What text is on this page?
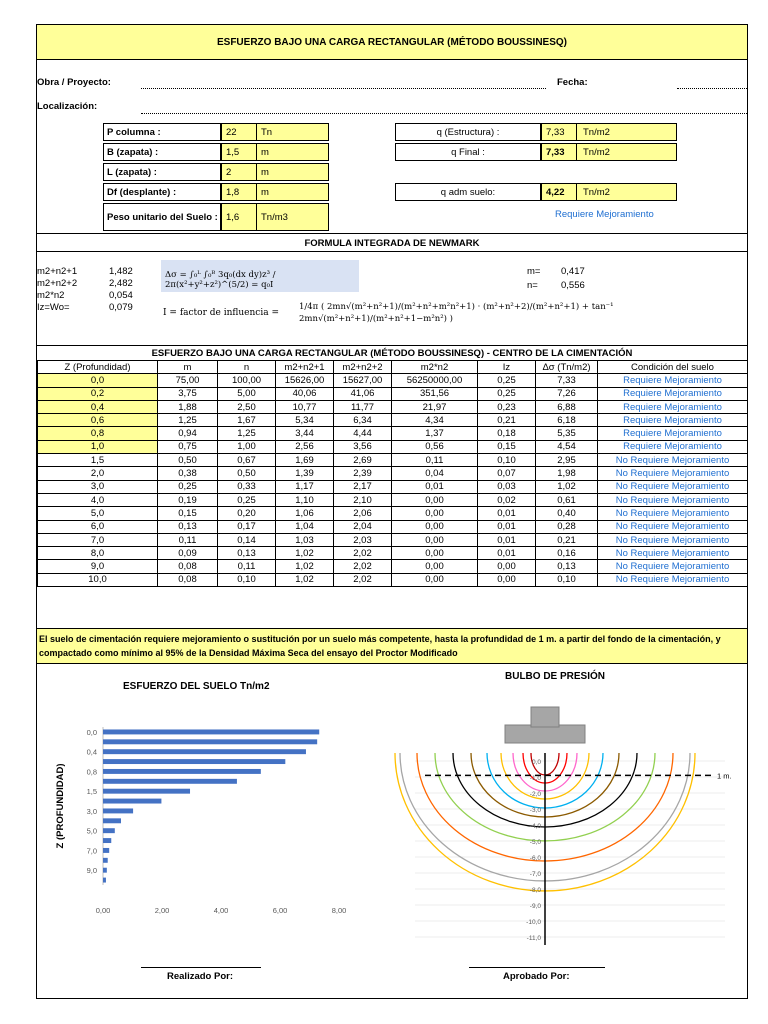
ESFUERZO BAJO UNA CARGA RECTANGULAR (MÉTODO BOUSSINESQ)
Obra / Proyecto:	Fecha:
Localización:
P columna :	22	Tn
B (zapata) :	1,5	m
L (zapata) :	2	m
Df (desplante) :	1,8	m
Peso unitario del Suelo : 1,6	Tn/m3
q (Estructura) :	7,33	Tn/m2
q Final :	7,33	Tn/m2
q adm suelo:	4,22	Tn/m2
Requiere Mejoramiento
FORMULA INTEGRADA DE NEWMARK
m2+n2+1	1,482
m2+n2+2	2,482
m2*n2	0,054
Iz=Wo=	0,079
Δσ = ∫₀ᴸ ∫₀ᴮ 3q₀(dx dy)z³ / 2π(x²+y²+z²)^(5/2) = q₀I
I = factor de influencia =
1/4π ( 2mn√(m²+n²+1)/(m²+n²+m²n²+1) · (m²+n²+2)/(m²+n²+1) + tan⁻¹ 2mn√(m²+n²+1)/(m²+n²+1−m²n²) )
m= 0,417
n= 0,556
ESFUERZO BAJO UNA CARGA RECTANGULAR (MÉTODO BOUSSINESQ) - CENTRO DE LA CIMENTACIÓN
Z (Profundidad)	m	n	m2+n2+1	m2+n2+2	m2*n2	Iz	Δσ (Tn/m2)	Condición del suelo
0,0	75,00	100,00	15626,00	15627,00	56250000,00	0,25	7,33	Requiere Mejoramiento
0,2	3,75	5,00	40,06	41,06	351,56	0,25	7,26	Requiere Mejoramiento
0,4	1,88	2,50	10,77	11,77	21,97	0,23	6,88	Requiere Mejoramiento
0,6	1,25	1,67	5,34	6,34	4,34	0,21	6,18	Requiere Mejoramiento
0,8	0,94	1,25	3,44	4,44	1,37	0,18	5,35	Requiere Mejoramiento
1,0	0,75	1,00	2,56	3,56	0,56	0,15	4,54	Requiere Mejoramiento
1,5	0,50	0,67	1,69	2,69	0,11	0,10	2,95	No Requiere Mejoramiento
2,0	0,38	0,50	1,39	2,39	0,04	0,07	1,98	No Requiere Mejoramiento
3,0	0,25	0,33	1,17	2,17	0,01	0,03	1,02	No Requiere Mejoramiento
4,0	0,19	0,25	1,10	2,10	0,00	0,02	0,61	No Requiere Mejoramiento
5,0	0,15	0,20	1,06	2,06	0,00	0,01	0,40	No Requiere Mejoramiento
6,0	0,13	0,17	1,04	2,04	0,00	0,01	0,28	No Requiere Mejoramiento
7,0	0,11	0,14	1,03	2,03	0,00	0,01	0,21	No Requiere Mejoramiento
8,0	0,09	0,13	1,02	2,02	0,00	0,01	0,16	No Requiere Mejoramiento
9,0	0,08	0,11	1,02	2,02	0,00	0,00	0,13	No Requiere Mejoramiento
10,0	0,08	0,10	1,02	2,02	0,00	0,00	0,10	No Requiere Mejoramiento
El suelo de cimentación requiere mejoramiento o sustitución por un suelo más competente, hasta la profundidad de 1 m. a partir del fondo de la cimentación, y compactado como mínimo al 95% de la Densidad Máxima Seca del ensayo del Proctor Modificado
ESFUERZO DEL SUELO Tn/m2
0,0
0,4
0,8
1,5
3,0
5,0
7,0
9,0
0,00	2,00	4,00	6,00	8,00
Z (PROFUNDIDAD)
BULBO DE PRESIÓN
0,0
-1,0
-2,0
-3,0
-4,0
-5,0
-6,0
-7,0
-8,0
-9,0
-10,0
-11,0
1 m.
Realizado Por:	Aprobado Por:
